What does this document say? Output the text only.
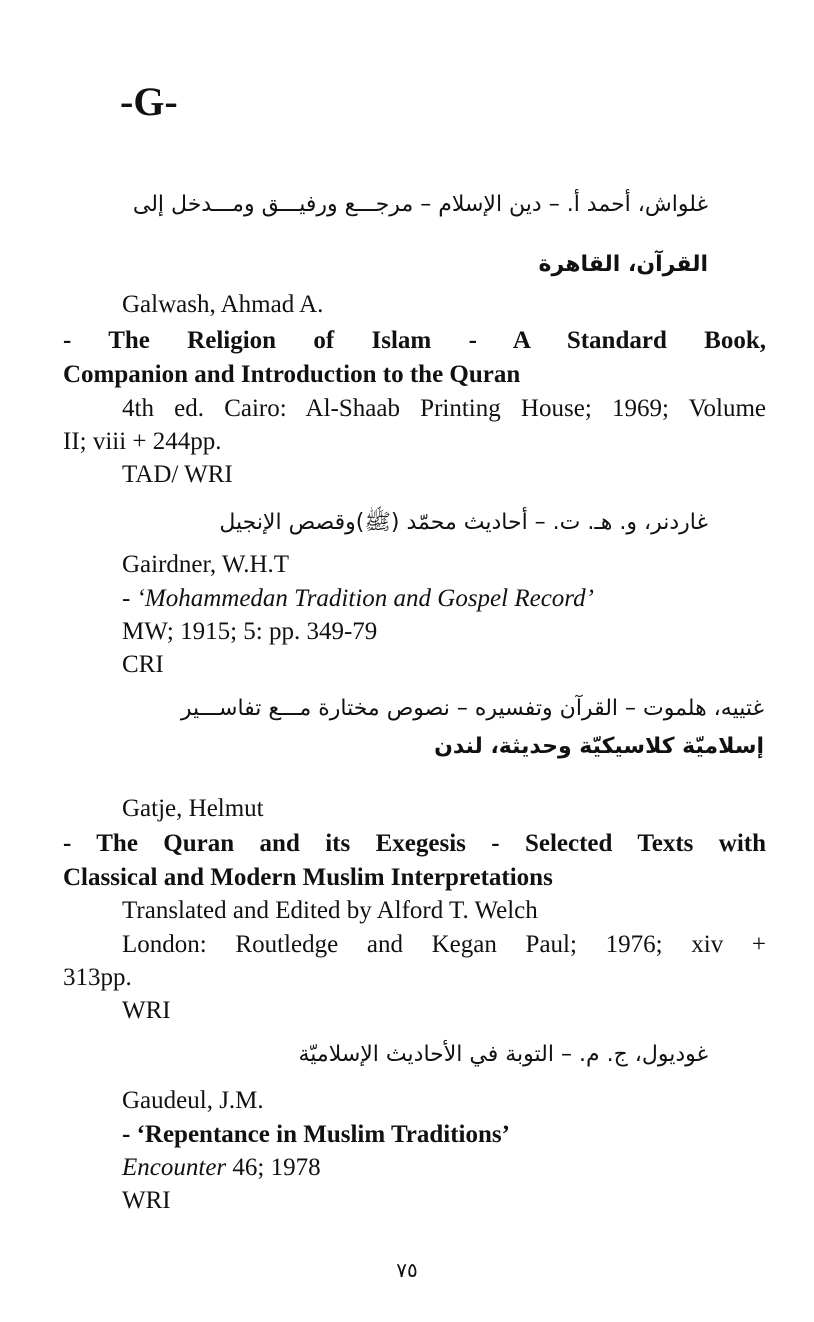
-G-
غلواش، أحمد أ. – دين الإسلام – مرجـــع ورفيـــق ومـــدخل إلى
القرآن، القاهرة
Galwash, Ahmad A.
- The Religion of Islam - A Standard Book,
Companion and Introduction to the Quran
4th ed. Cairo: Al-Shaab Printing House; 1969; Volume
II; viii + 244pp.
TAD/ WRI
غاردنر، و. هـ. ت. – أحاديث محمّد (ﷺ)وقصص الإنجيل
Gairdner, W.H.T
- ‘Mohammedan Tradition and Gospel Record’
MW; 1915; 5: pp. 349-79
CRI
غتييه، هلموت – القرآن وتفسيره – نصوص مختارة مـــع تفاســـير
إسلاميّة كلاسيكيّة وحديثة، لندن
Gatje, Helmut
- The Quran and its Exegesis - Selected Texts with
Classical and Modern Muslim Interpretations
Translated and Edited by Alford T. Welch
London: Routledge and Kegan Paul; 1976; xiv +
313pp.
WRI
غوديول، ج. م. – التوبة في الأحاديث الإسلاميّة
Gaudeul, J.M.
- ‘Repentance in Muslim Traditions’
Encounter 46; 1978
WRI
٧٥
